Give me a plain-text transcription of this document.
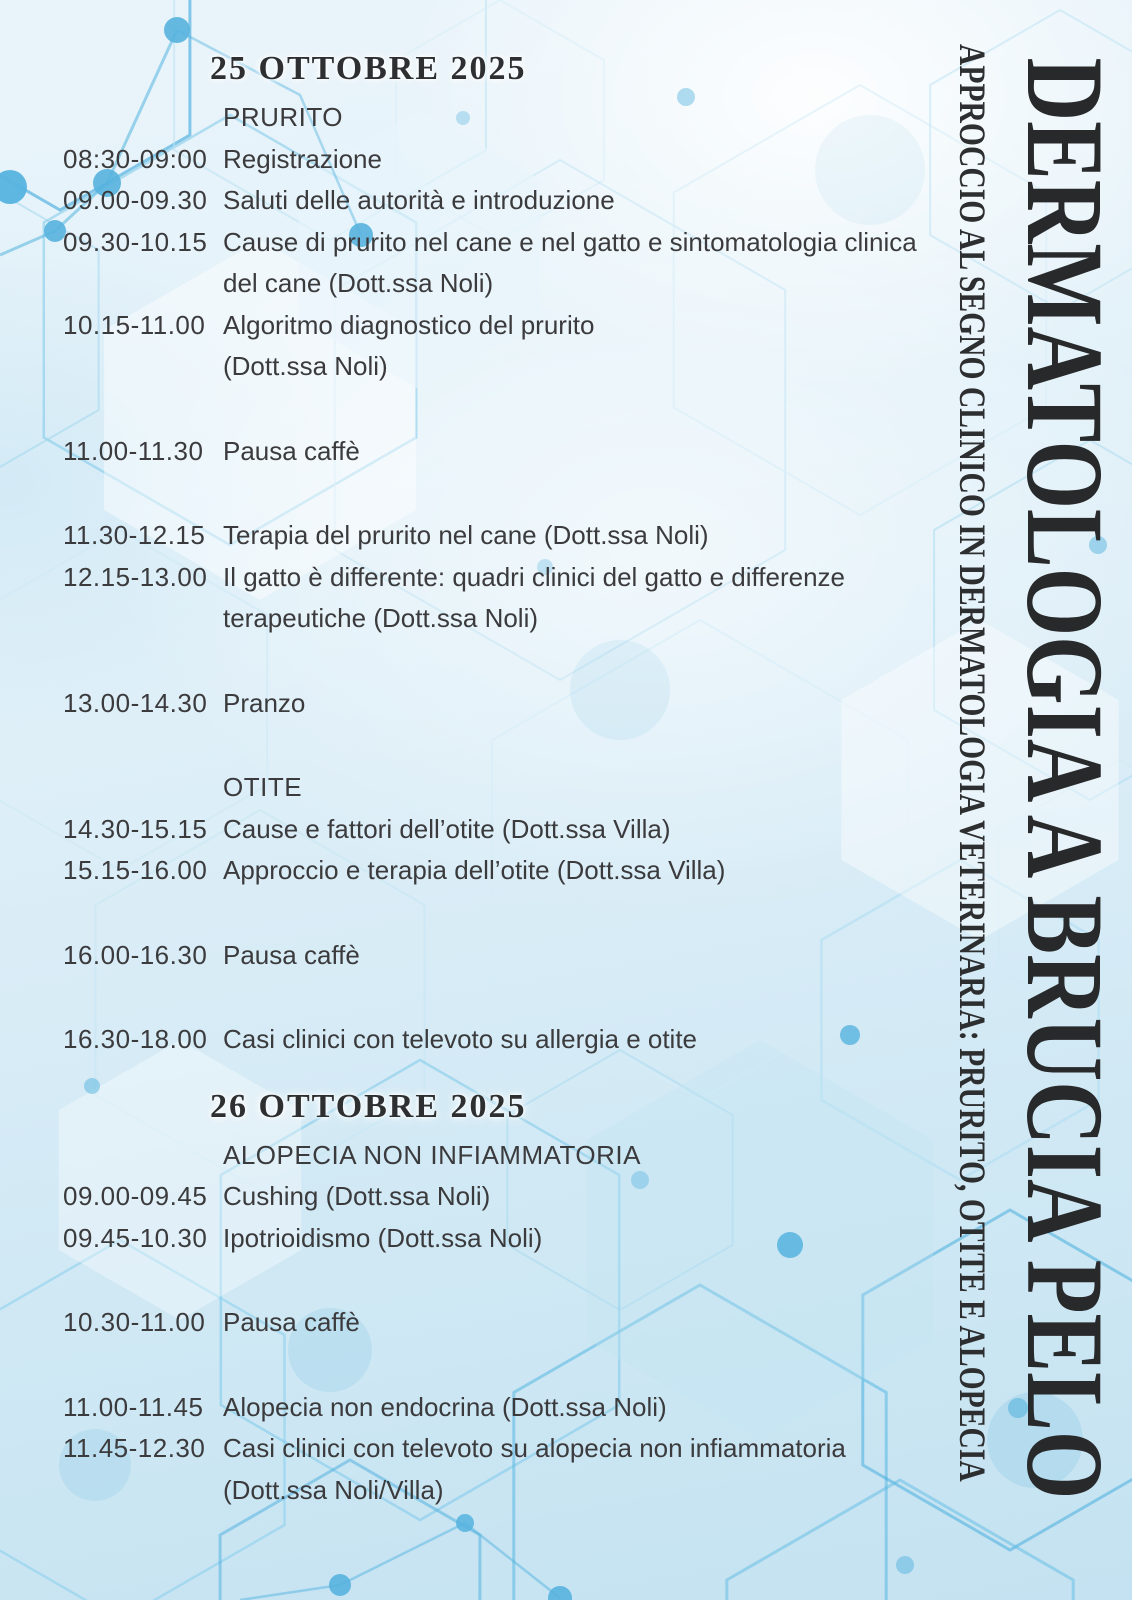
25 OTTOBRE 2025
PRURITO
08:30-09:00 Registrazione
09.00-09.30 Saluti delle autorità e introduzione
09.30-10.15 Cause di prurito nel cane e nel gatto e sintomatologia clinica
del cane (Dott.ssa Noli)
10.15-11.00 Algoritmo diagnostico del prurito
(Dott.ssa Noli)
11.00-11.30 Pausa caffè
11.30-12.15 Terapia del prurito nel cane (Dott.ssa Noli)
12.15-13.00 Il gatto è differente: quadri clinici del gatto e differenze
terapeutiche (Dott.ssa Noli)
13.00-14.30 Pranzo
OTITE
14.30-15.15 Cause e fattori dell’otite (Dott.ssa Villa)
15.15-16.00 Approccio e terapia dell’otite (Dott.ssa Villa)
16.00-16.30 Pausa caffè
16.30-18.00 Casi clinici con televoto su allergia e otite
26 OTTOBRE 2025
ALOPECIA NON INFIAMMATORIA
09.00-09.45 Cushing (Dott.ssa Noli)
09.45-10.30 Ipotrioidismo (Dott.ssa Noli)
10.30-11.00 Pausa caffè
11.00-11.45 Alopecia non endocrina (Dott.ssa Noli)
11.45-12.30 Casi clinici con televoto su alopecia non infiammatoria
(Dott.ssa Noli/Villa)	DERMATOLOGIA A BRUCIA PELO
APPROCCIO AL SEGNO CLINICO IN DERMATOLOGIA VETERINARIA: PRURITO, OTITE E ALOPECIA
